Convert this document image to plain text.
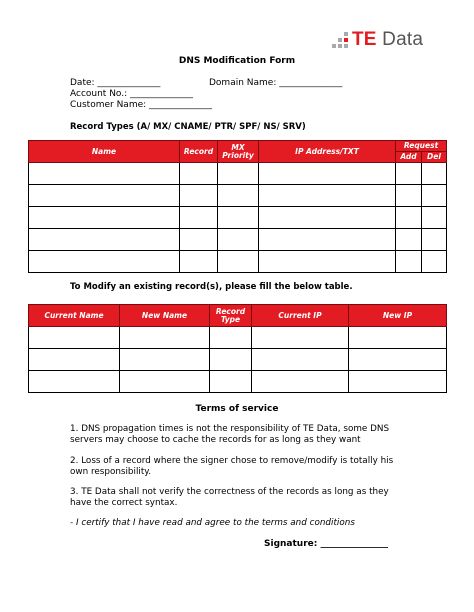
TE Data
DNS Modification Form
Date: ______________	Domain Name: ______________
Account No.: ______________
Customer Name: ______________
Record Types (A/ MX/ CNAME/ PTR/ SPF/ NS/ SRV)
Name	Record	MX Priority	IP Address/TXT	Request	
				Add	Del

To Modify an existing record(s), please fill the below table.
Current Name	New Name	Record Type	Current IP	New IP

Terms of service
1. DNS propagation times is not the responsibility of TE Data, some DNS servers may choose to cache the records for as long as they want
2. Loss of a record where the signer chose to remove/modify is totally his own responsibility.
3. TE Data shall not verify the correctness of the records as long as they have the correct syntax.
- I certify that I have read and agree to the terms and conditions
Signature: _______________
